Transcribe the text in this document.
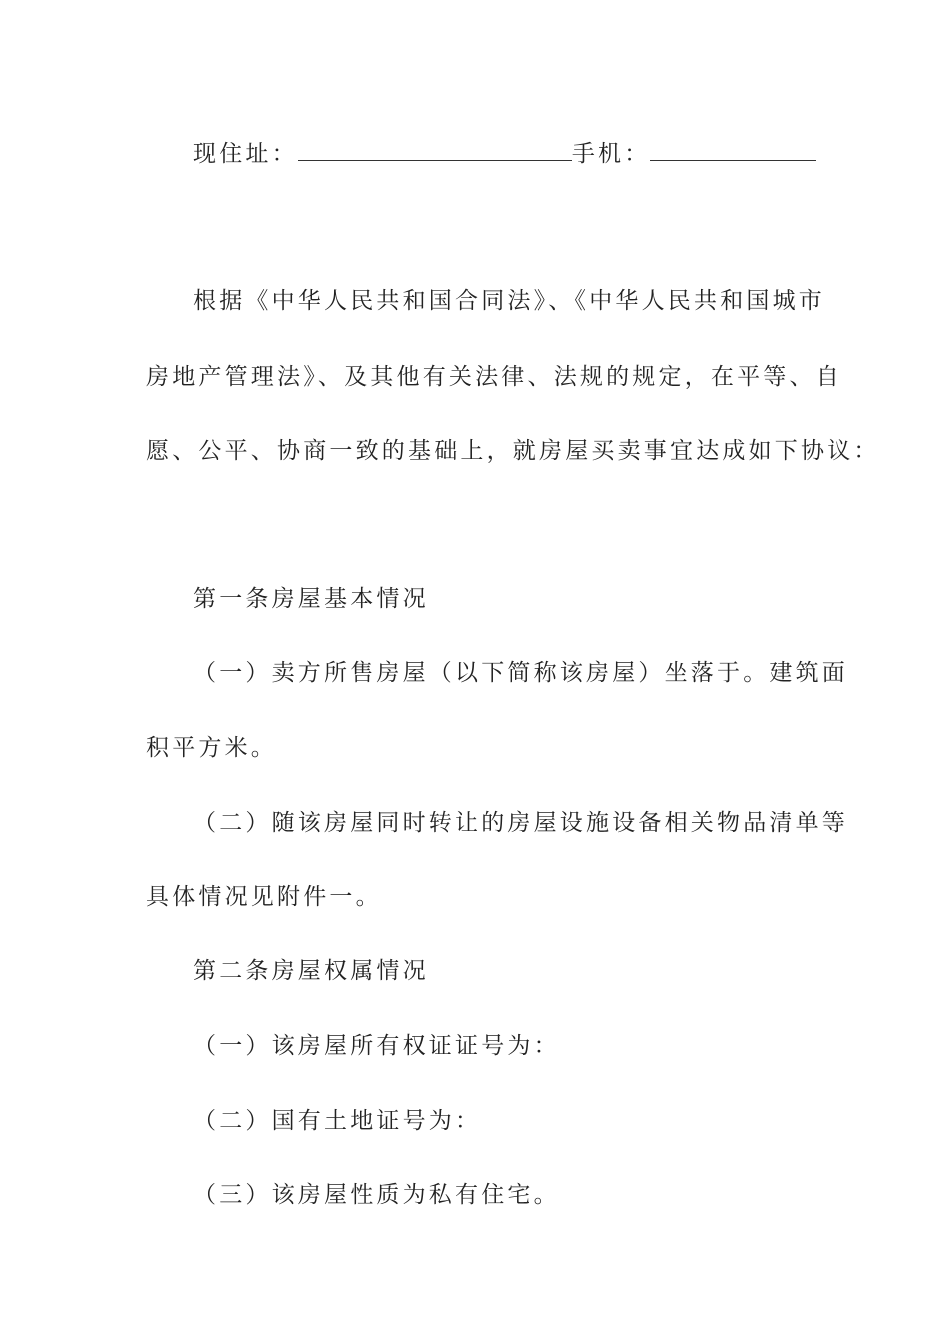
现住址：	手机：
根据《中华人民共和国合同法》、《中华人民共和国城市
房地产管理法》、及其他有关法律、法规的规定，在平等、自
愿、公平、协商一致的基础上，就房屋买卖事宜达成如下协议：
第一条房屋基本情况
（一）卖方所售房屋（以下简称该房屋）坐落于。建筑面
积平方米。
（二）随该房屋同时转让的房屋设施设备相关物品清单等
具体情况见附件一。
第二条房屋权属情况
（一）该房屋所有权证证号为：
（二）国有土地证号为：
（三）该房屋性质为私有住宅。
